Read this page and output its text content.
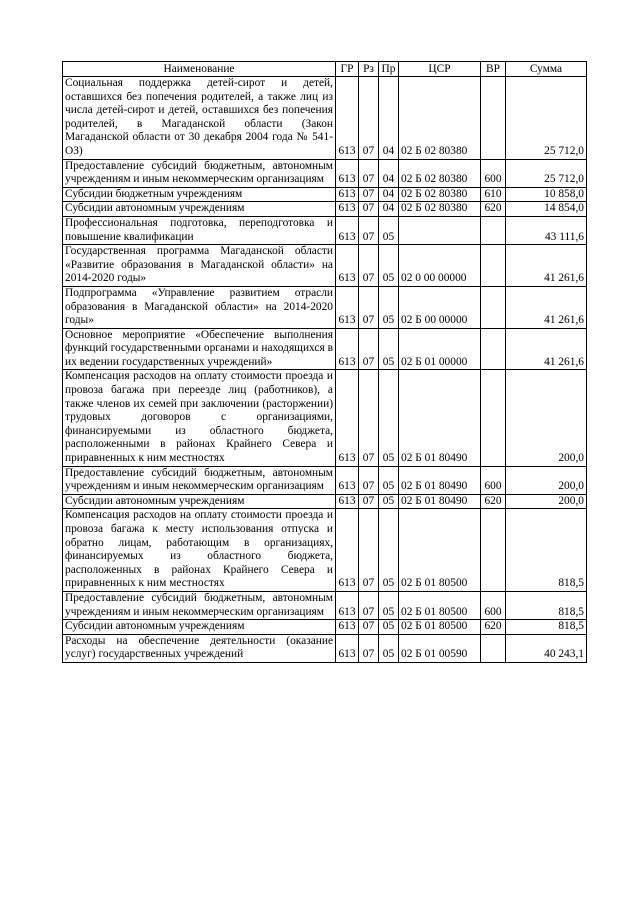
Наименование	ГР	Рз	Пр	ЦСР	ВР	Сумма
Социальная поддержка детей-сирот и детей, оставшихся без попечения родителей, а также лиц из числа детей-сирот и детей, оставшихся без попечения родителей, в Магаданской области (Закон Магаданской области от 30 декабря 2004 года № 541-ОЗ)	613	07	04	02 Б 02 80380		25 712,0
Предоставление субсидий бюджетным, автономным учреждениям и иным некоммерческим организациям	613	07	04	02 Б 02 80380	600	25 712,0
Субсидии бюджетным учреждениям	613	07	04	02 Б 02 80380	610	10 858,0
Субсидии автономным учреждениям	613	07	04	02 Б 02 80380	620	14 854,0
Профессиональная подготовка, переподготовка и повышение квалификации	613	07	05			43 111,6
Государственная программа Магаданской области «Развитие образования в Магаданской области» на 2014-2020 годы»	613	07	05	02 0 00 00000		41 261,6
Подпрограмма «Управление развитием отрасли образования в Магаданской области» на 2014-2020 годы»	613	07	05	02 Б 00 00000		41 261,6
Основное мероприятие «Обеспечение выполнения функций государственными органами и находящихся в их ведении государственных учреждений»	613	07	05	02 Б 01 00000		41 261,6
Компенсация расходов на оплату стоимости проезда и провоза багажа при переезде лиц (работников), а также членов их семей при заключении (расторжении) трудовых договоров с организациями, финансируемыми из областного бюджета, расположенными в районах Крайнего Севера и приравненных к ним местностях	613	07	05	02 Б 01 80490		200,0
Предоставление субсидий бюджетным, автономным учреждениям и иным некоммерческим организациям	613	07	05	02 Б 01 80490	600	200,0
Субсидии автономным учреждениям	613	07	05	02 Б 01 80490	620	200,0
Компенсация расходов на оплату стоимости проезда и провоза багажа к месту использования отпуска и обратно лицам, работающим в организациях, финансируемых из областного бюджета, расположенных в районах Крайнего Севера и приравненных к ним местностях	613	07	05	02 Б 01 80500		818,5
Предоставление субсидий бюджетным, автономным учреждениям и иным некоммерческим организациям	613	07	05	02 Б 01 80500	600	818,5
Субсидии автономным учреждениям	613	07	05	02 Б 01 80500	620	818,5
Расходы на обеспечение деятельности (оказание услуг) государственных учреждений	613	07	05	02 Б 01 00590		40 243,1
